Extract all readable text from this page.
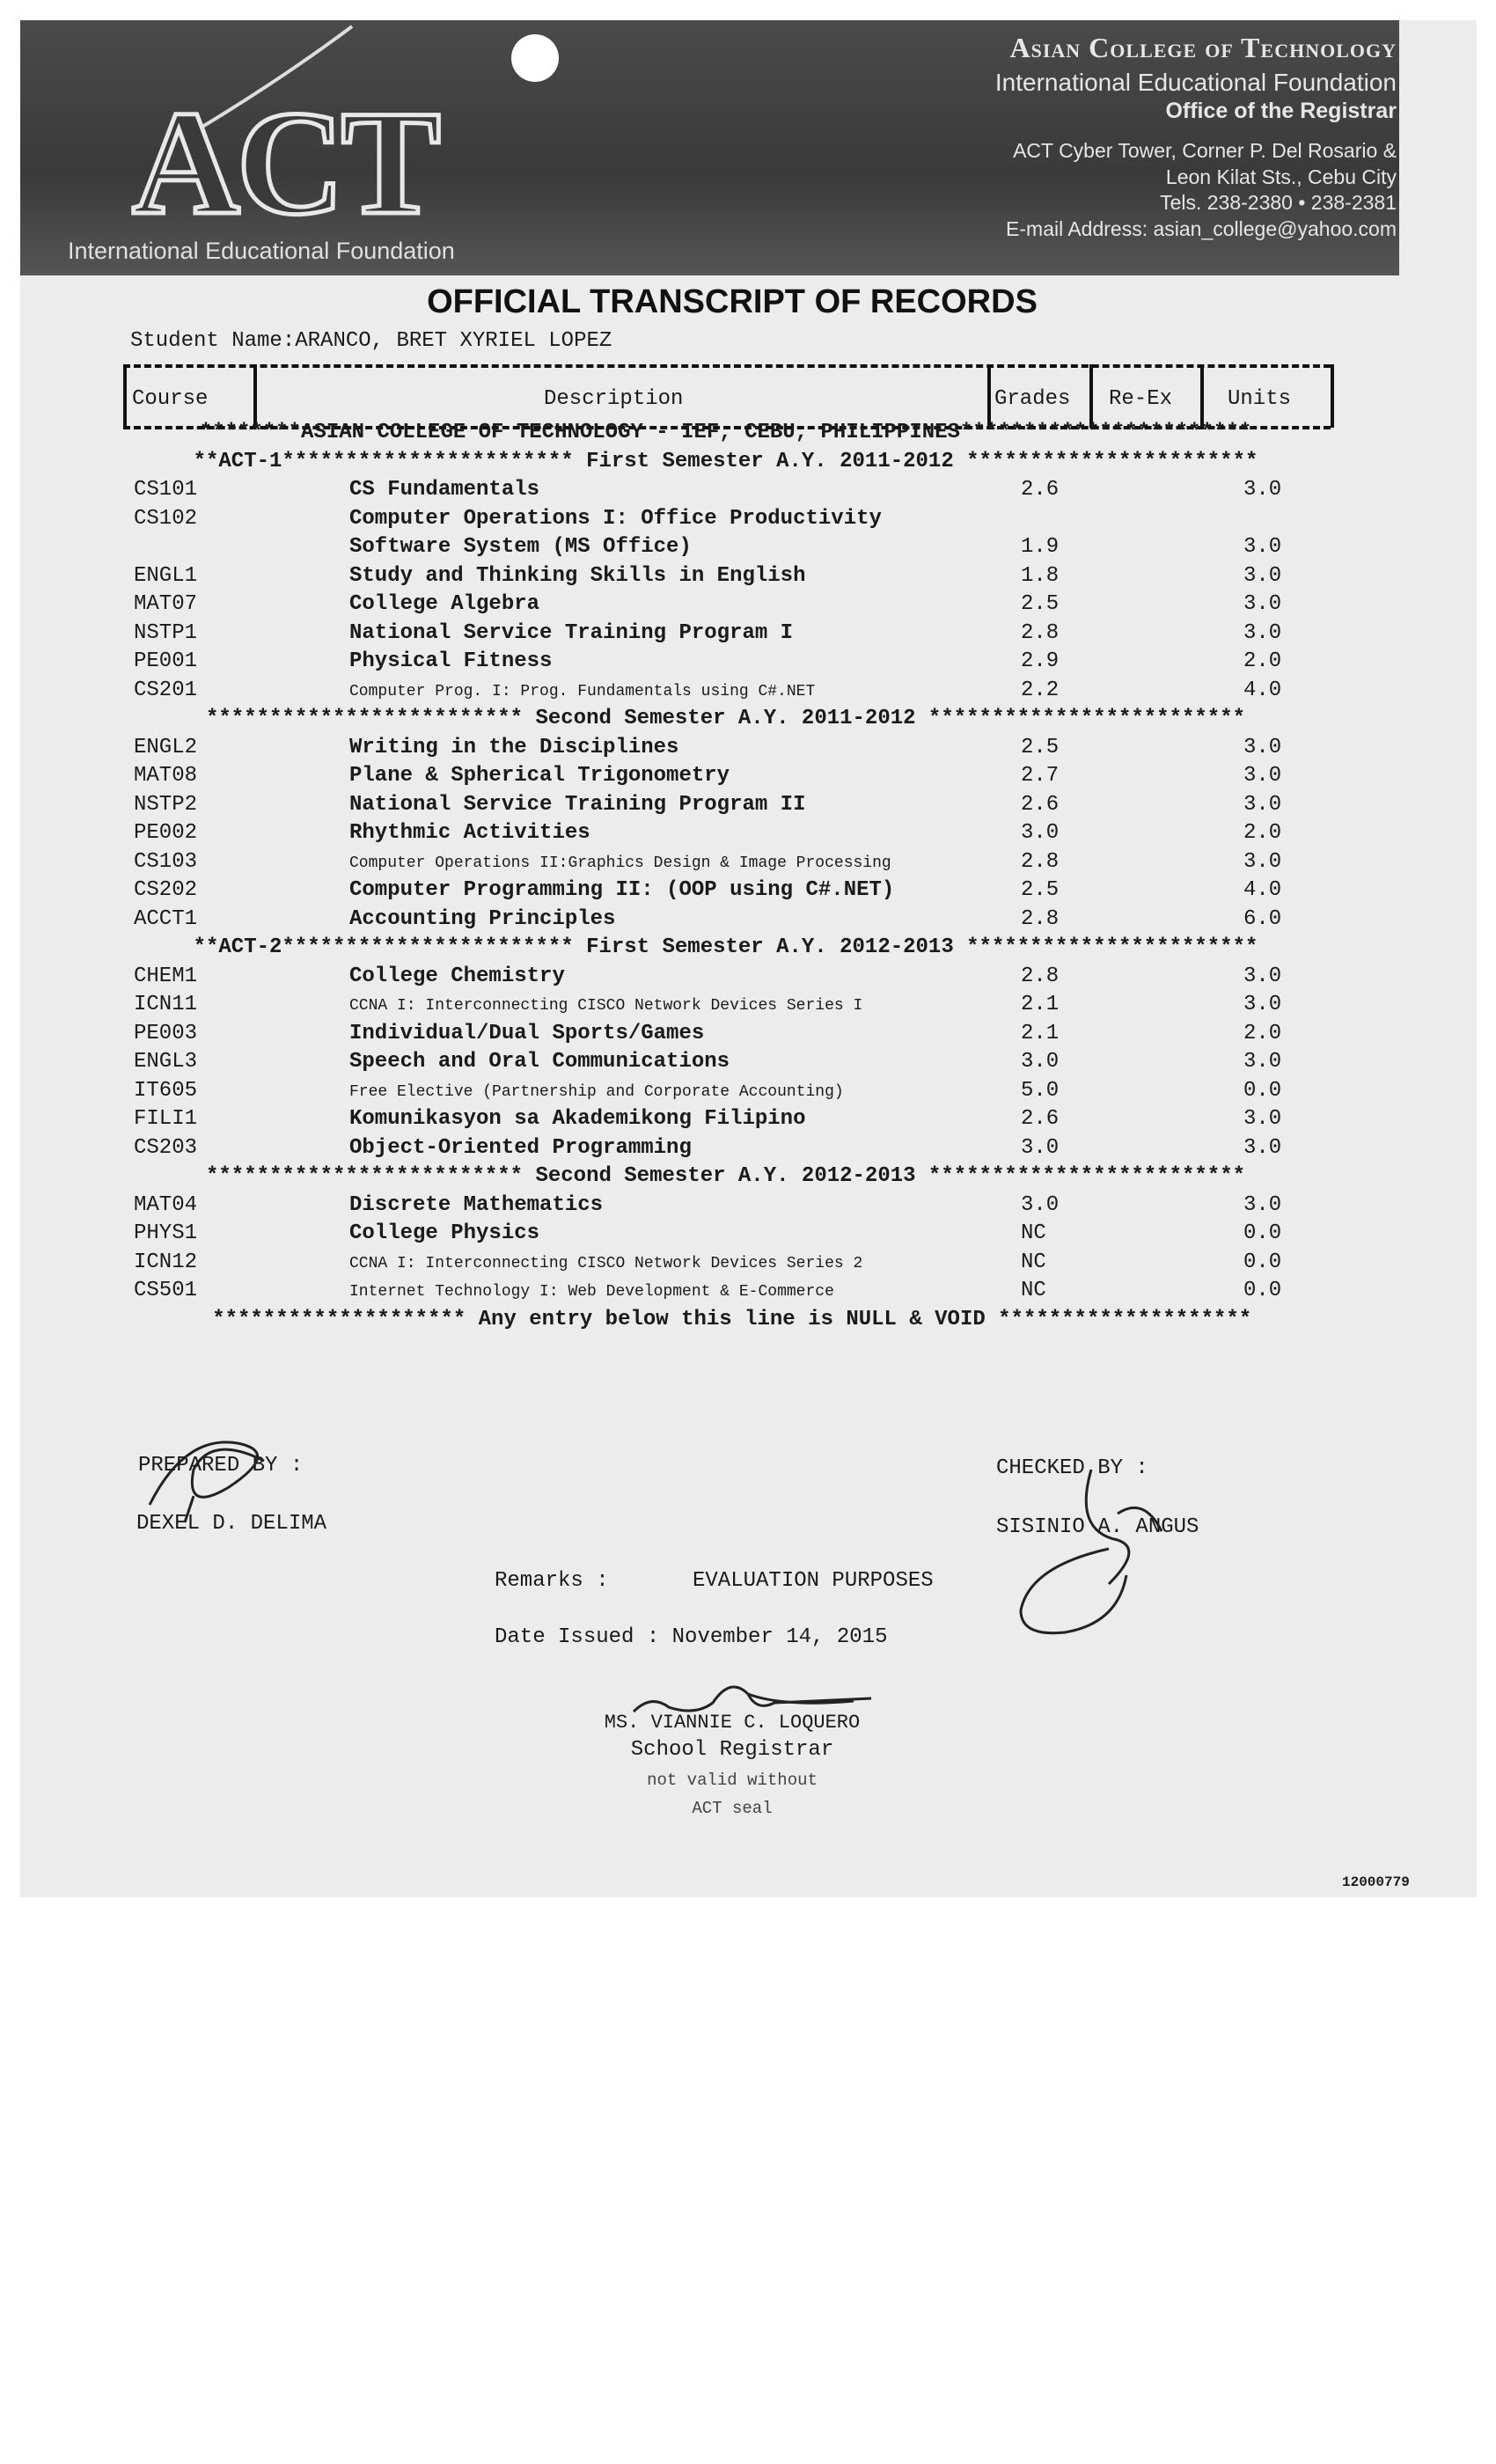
ACT
International Educational Foundation
Asian College of Technology
International Educational Foundation
Office of the Registrar
ACT Cyber Tower, Corner P. Del Rosario &
Leon Kilat Sts., Cebu City
Tels. 238-2380 • 238-2381
E-mail Address: asian_college@yahoo.com
OFFICIAL TRANSCRIPT OF RECORDS
Student Name:ARANCO, BRET XYRIEL LOPEZ
Course	Description	Grades Re-Ex	Units
********ASIAN COLLEGE OF TECHNOLOGY - IEF, CEBU, PHILIPPINES***********************
**ACT-1*********************** First Semester A.Y. 2011-2012 ***********************
CS101	CS Fundamentals	2.6	3.0
CS102	Computer Operations I: Office Productivity
Software System (MS Office)	1.9	3.0
ENGL1	Study and Thinking Skills in English	1.8	3.0
MAT07	College Algebra	2.5	3.0
NSTP1	National Service Training Program I	2.8	3.0
PE001	Physical Fitness	2.9	2.0
CS201	Computer Prog. I: Prog. Fundamentals using C#.NET	2.2	4.0
************************* Second Semester A.Y. 2011-2012 *************************
ENGL2	Writing in the Disciplines	2.5	3.0
MAT08	Plane & Spherical Trigonometry	2.7	3.0
NSTP2	National Service Training Program II	2.6	3.0
PE002	Rhythmic Activities	3.0	2.0
CS103	Computer Operations II:Graphics Design & Image Processing	2.8	3.0
CS202	Computer Programming II: (OOP using C#.NET)	2.5	4.0
ACCT1	Accounting Principles	2.8	6.0
**ACT-2*********************** First Semester A.Y. 2012-2013 ***********************
CHEM1	College Chemistry	2.8	3.0
ICN11	CCNA I: Interconnecting CISCO Network Devices Series I	2.1	3.0
PE003	Individual/Dual Sports/Games	2.1	2.0
ENGL3	Speech and Oral Communications	3.0	3.0
IT605	Free Elective (Partnership and Corporate Accounting)	5.0	0.0
FILI1	Komunikasyon sa Akademikong Filipino	2.6	3.0
CS203	Object-Oriented Programming	3.0	3.0
************************* Second Semester A.Y. 2012-2013 *************************
MAT04	Discrete Mathematics	3.0	3.0
PHYS1	College Physics	NC	0.0
ICN12	CCNA I: Interconnecting CISCO Network Devices Series 2	NC	0.0
CS501	Internet Technology I: Web Development & E-Commerce	NC	0.0
******************** Any entry below this line is NULL & VOID ********************
PREPARED BY :
DEXEL D. DELIMA
CHECKED BY :
SISINIO A. ANGUS
Remarks :	EVALUATION PURPOSES
Date Issued : November 14, 2015
MS. VIANNIE C. LOQUERO
School Registrar
not valid without
ACT seal
12000779
